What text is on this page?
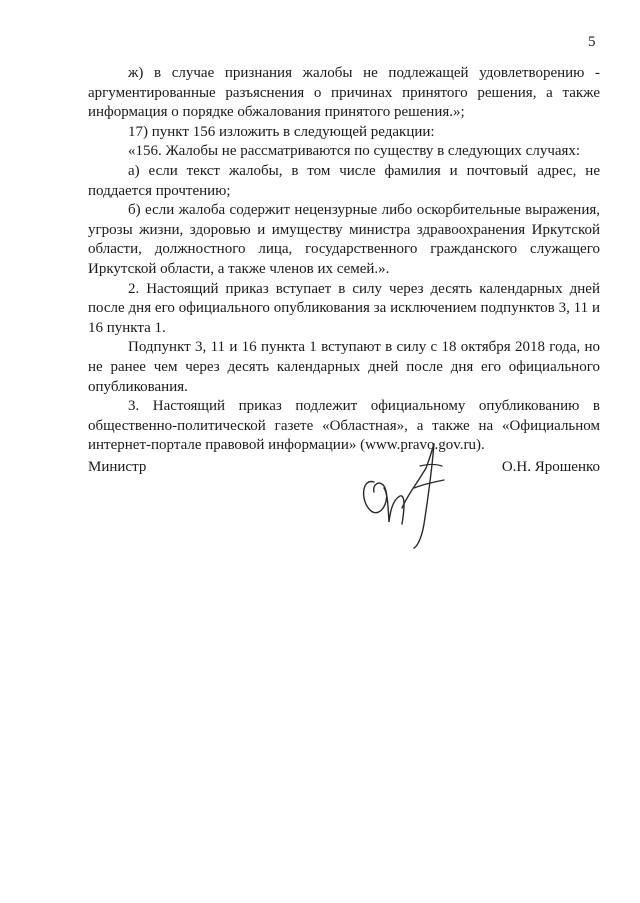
5

ж) в случае признания жалобы не подлежащей удовлетворению - аргументированные разъяснения о причинах принятого решения, а также информация о порядке обжалования принятого решения.»;

17) пункт 156 изложить в следующей редакции:

«156. Жалобы не рассматриваются по существу в следующих случаях:

а) если текст жалобы, в том числе фамилия и почтовый адрес, не поддается прочтению;

б) если жалоба содержит нецензурные либо оскорбительные выражения, угрозы жизни, здоровью и имуществу министра здравоохранения Иркутской области, должностного лица, государственного гражданского служащего Иркутской области, а также членов их семей.».

2. Настоящий приказ вступает в силу через десять календарных дней после дня его официального опубликования за исключением подпунктов 3, 11 и 16 пункта 1.

Подпункт 3, 11 и 16 пункта 1 вступают в силу с 18 октября 2018 года, но не ранее чем через десять календарных дней после дня его официального опубликования.

3. Настоящий приказ подлежит официальному опубликованию в общественно-политической газете «Областная», а также на «Официальном интернет-портале правовой информации» (www.pravo.gov.ru).

Министр	О.Н. Ярошенко
